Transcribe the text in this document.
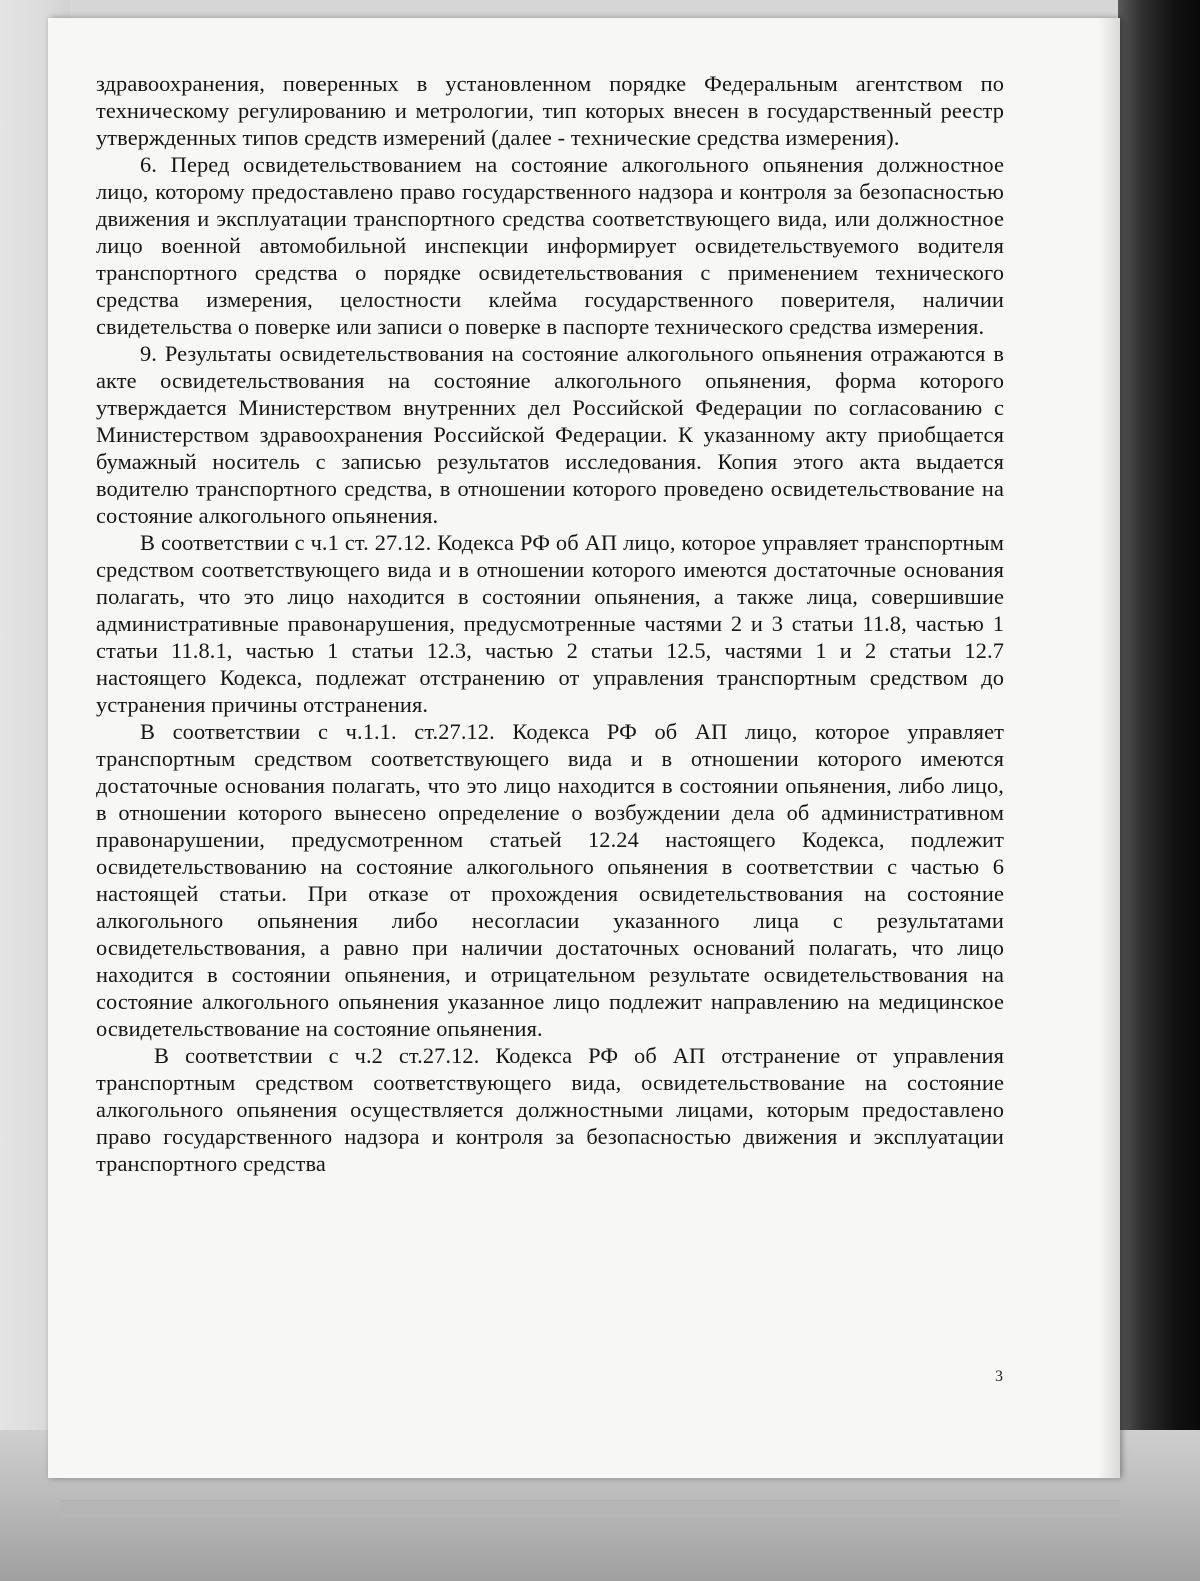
здравоохранения, поверенных в установленном порядке Федеральным агентством по техническому регулированию и метрологии, тип которых внесен в государственный реестр утвержденных типов средств измерений (далее - технические средства измерения).

6. Перед освидетельствованием на состояние алкогольного опьянения должностное лицо, которому предоставлено право государственного надзора и контроля за безопасностью движения и эксплуатации транспортного средства соответствующего вида, или должностное лицо военной автомобильной инспекции информирует освидетельствуемого водителя транспортного средства о порядке освидетельствования с применением технического средства измерения, целостности клейма государственного поверителя, наличии свидетельства о поверке или записи о поверке в паспорте технического средства измерения.

9. Результаты освидетельствования на состояние алкогольного опьянения отражаются в акте освидетельствования на состояние алкогольного опьянения, форма которого утверждается Министерством внутренних дел Российской Федерации по согласованию с Министерством здравоохранения Российской Федерации. К указанному акту приобщается бумажный носитель с записью результатов исследования. Копия этого акта выдается водителю транспортного средства, в отношении которого проведено освидетельствование на состояние алкогольного опьянения.

В соответствии с ч.1 ст. 27.12. Кодекса РФ об АП лицо, которое управляет транспортным средством соответствующего вида и в отношении которого имеются достаточные основания полагать, что это лицо находится в состоянии опьянения, а также лица, совершившие административные правонарушения, предусмотренные частями 2 и 3 статьи 11.8, частью 1 статьи 11.8.1, частью 1 статьи 12.3, частью 2 статьи 12.5, частями 1 и 2 статьи 12.7 настоящего Кодекса, подлежат отстранению от управления транспортным средством до устранения причины отстранения.

В соответствии с ч.1.1. ст.27.12. Кодекса РФ об АП лицо, которое управляет транспортным средством соответствующего вида и в отношении которого имеются достаточные основания полагать, что это лицо находится в состоянии опьянения, либо лицо, в отношении которого вынесено определение о возбуждении дела об административном правонарушении, предусмотренном статьей 12.24 настоящего Кодекса, подлежит освидетельствованию на состояние алкогольного опьянения в соответствии с частью 6 настоящей статьи. При отказе от прохождения освидетельствования на состояние алкогольного опьянения либо несогласии указанного лица с результатами освидетельствования, а равно при наличии достаточных оснований полагать, что лицо находится в состоянии опьянения, и отрицательном результате освидетельствования на состояние алкогольного опьянения указанное лицо подлежит направлению на медицинское освидетельствование на состояние опьянения.

В соответствии с ч.2 ст.27.12. Кодекса РФ об АП отстранение от управления транспортным средством соответствующего вида, освидетельствование на состояние алкогольного опьянения осуществляется должностными лицами, которым предоставлено право государственного надзора и контроля за безопасностью движения и эксплуатации транспортного средства

3
